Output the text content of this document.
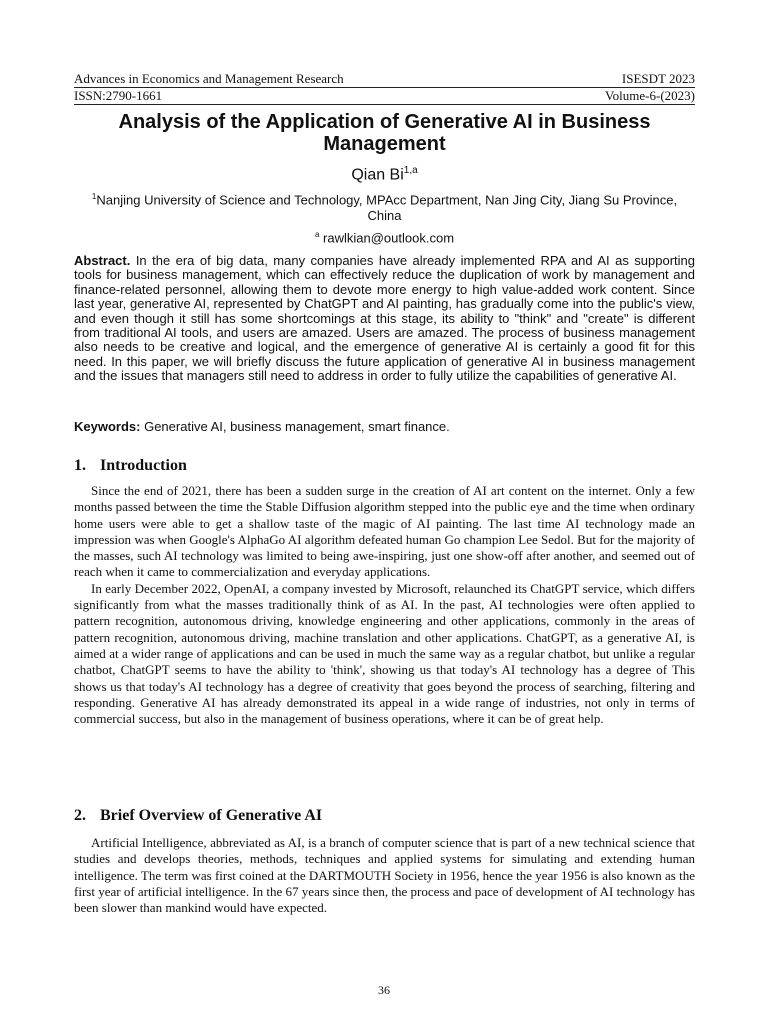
Advances in Economics and Management Research	ISESDT 2023
ISSN:2790-1661	Volume-6-(2023)
Analysis of the Application of Generative AI in Business Management
Qian Bi$^{1,a}$
$^1$Nanjing University of Science and Technology, MPAcc Department, Nan Jing City, Jiang Su Province, China
$^a$ rawlkian@outlook.com
Abstract. In the era of big data, many companies have already implemented RPA and AI as supporting tools for business management, which can effectively reduce the duplication of work by management and finance-related personnel, allowing them to devote more energy to high value-added work content. Since last year, generative AI, represented by ChatGPT and AI painting, has gradually come into the public's view, and even though it still has some shortcomings at this stage, its ability to "think" and "create" is different from traditional AI tools, and users are amazed. Users are amazed. The process of business management also needs to be creative and logical, and the emergence of generative AI is certainly a good fit for this need. In this paper, we will briefly discuss the future application of generative AI in business management and the issues that managers still need to address in order to fully utilize the capabilities of generative AI.
Keywords: Generative AI, business management, smart finance.
1. Introduction

Since the end of 2021, there has been a sudden surge in the creation of AI art content on the internet. Only a few months passed between the time the Stable Diffusion algorithm stepped into the public eye and the time when ordinary home users were able to get a shallow taste of the magic of AI painting. The last time AI technology made an impression was when Google's AlphaGo AI algorithm defeated human Go champion Lee Sedol. But for the majority of the masses, such AI technology was limited to being awe-inspiring, just one show-off after another, and seemed out of reach when it came to commercialization and everyday applications.

In early December 2022, OpenAI, a company invested by Microsoft, relaunched its ChatGPT service, which differs significantly from what the masses traditionally think of as AI. In the past, AI technologies were often applied to pattern recognition, autonomous driving, knowledge engineering and other applications, commonly in the areas of pattern recognition, autonomous driving, machine translation and other applications. ChatGPT, as a generative AI, is aimed at a wider range of applications and can be used in much the same way as a regular chatbot, but unlike a regular chatbot, ChatGPT seems to have the ability to 'think', showing us that today's AI technology has a degree of This shows us that today's AI technology has a degree of creativity that goes beyond the process of searching, filtering and responding. Generative AI has already demonstrated its appeal in a wide range of industries, not only in terms of commercial success, but also in the management of business operations, where it can be of great help.

2. Brief Overview of Generative AI

Artificial Intelligence, abbreviated as AI, is a branch of computer science that is part of a new technical science that studies and develops theories, methods, techniques and applied systems for simulating and extending human intelligence. The term was first coined at the DARTMOUTH Society in 1956, hence the year 1956 is also known as the first year of artificial intelligence. In the 67 years since then, the process and pace of development of AI technology has been slower than mankind would have expected.

36
